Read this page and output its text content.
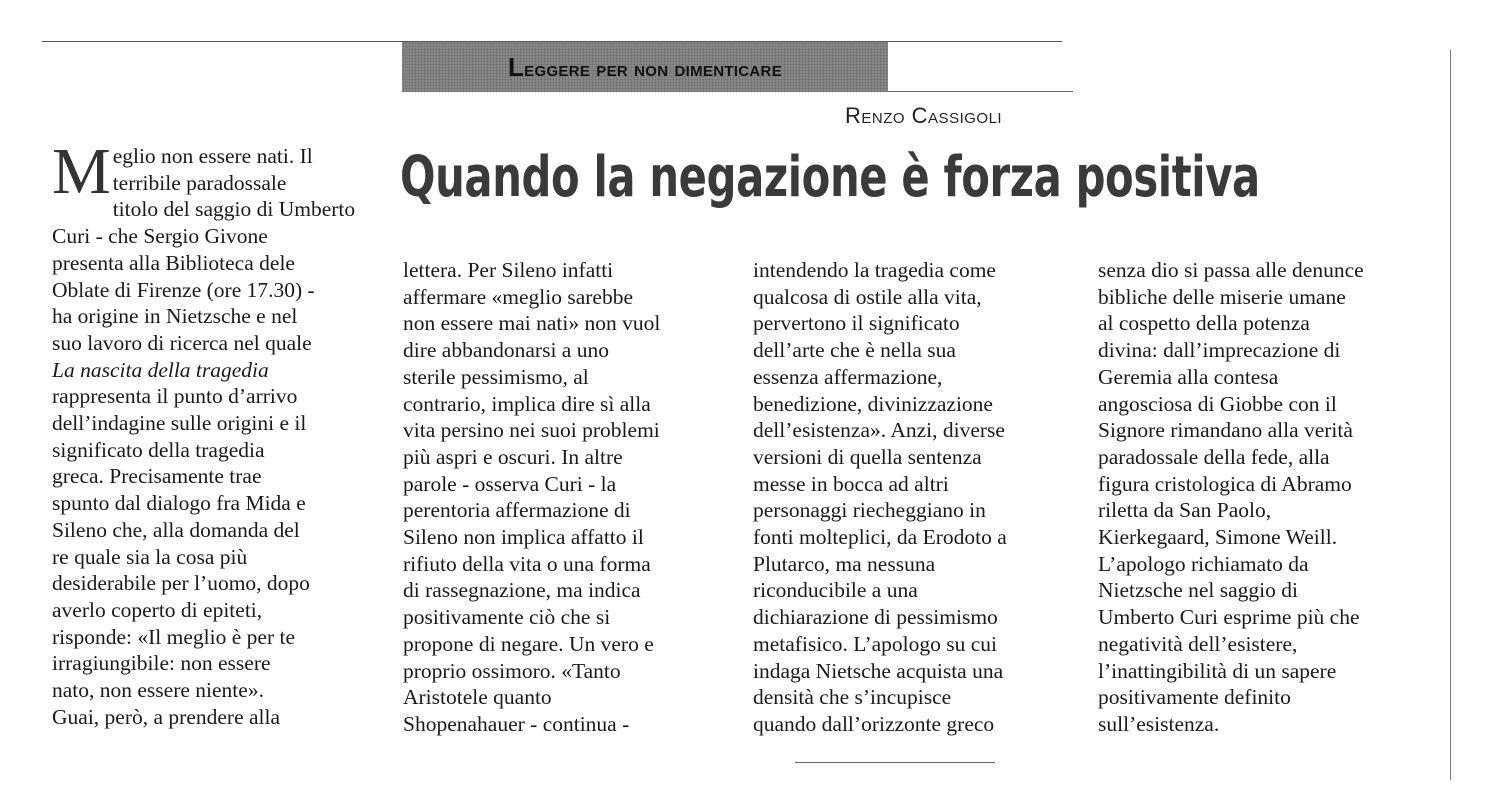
Leggere per non dimenticare
Renzo Cassigoli
Quando la negazione è forza positiva
Meglio non essere nati. Il
terribile paradossale
titolo del saggio di Umberto
Curi - che Sergio Givone
presenta alla Biblioteca dele
Oblate di Firenze (ore 17.30) -
ha origine in Nietzsche e nel
suo lavoro di ricerca nel quale
La nascita della tragedia
rappresenta il punto d’arrivo
dell’indagine sulle origini e il
significato della tragedia
greca. Precisamente trae
spunto dal dialogo fra Mida e
Sileno che, alla domanda del
re quale sia la cosa più
desiderabile per l’uomo, dopo
averlo coperto di epiteti,
risponde: «Il meglio è per te
irragiungibile: non essere
nato, non essere niente».
Guai, però, a prendere alla
lettera. Per Sileno infatti
affermare «meglio sarebbe
non essere mai nati» non vuol
dire abbandonarsi a uno
sterile pessimismo, al
contrario, implica dire sì alla
vita persino nei suoi problemi
più aspri e oscuri. In altre
parole - osserva Curi - la
perentoria affermazione di
Sileno non implica affatto il
rifiuto della vita o una forma
di rassegnazione, ma indica
positivamente ciò che si
propone di negare. Un vero e
proprio ossimoro. «Tanto
Aristotele quanto
Shopenahauer - continua -
intendendo la tragedia come
qualcosa di ostile alla vita,
pervertono il significato
dell’arte che è nella sua
essenza affermazione,
benedizione, divinizzazione
dell’esistenza». Anzi, diverse
versioni di quella sentenza
messe in bocca ad altri
personaggi riecheggiano in
fonti molteplici, da Erodoto a
Plutarco, ma nessuna
riconducibile a una
dichiarazione di pessimismo
metafisico. L’apologo su cui
indaga Nietsche acquista una
densità che s’incupisce
quando dall’orizzonte greco
senza dio si passa alle denunce
bibliche delle miserie umane
al cospetto della potenza
divina: dall’imprecazione di
Geremia alla contesa
angosciosa di Giobbe con il
Signore rimandano alla verità
paradossale della fede, alla
figura cristologica di Abramo
riletta da San Paolo,
Kierkegaard, Simone Weill.
L’apologo richiamato da
Nietzsche nel saggio di
Umberto Curi esprime più che
negatività dell’esistere,
l’inattingibilità di un sapere
positivamente definito
sull’esistenza.
